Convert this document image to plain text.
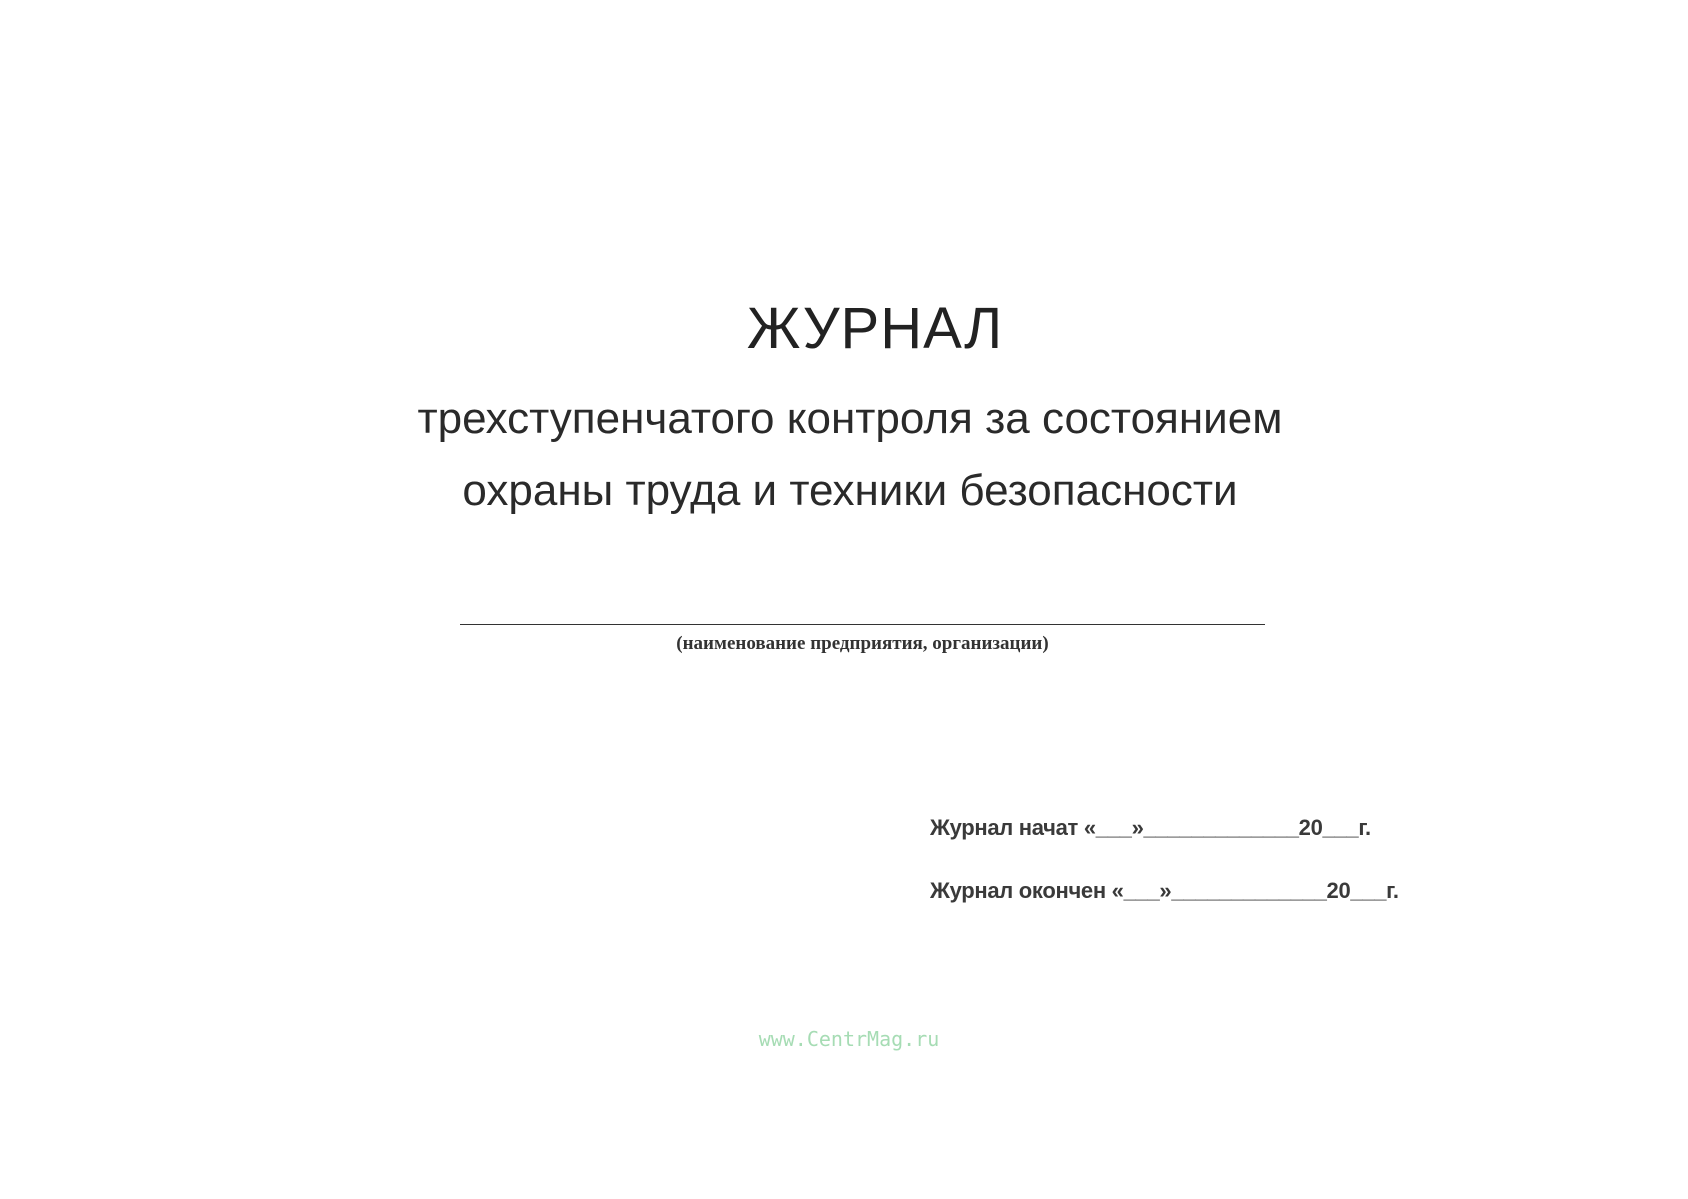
ЖУРНАЛ
трехступенчатого контроля за состоянием
охраны труда и техники безопасности
(наименование предприятия, организации)
Журнал начат «___»_____________20___г.
Журнал окончен «___»_____________20___г.
www.CentrMag.ru
